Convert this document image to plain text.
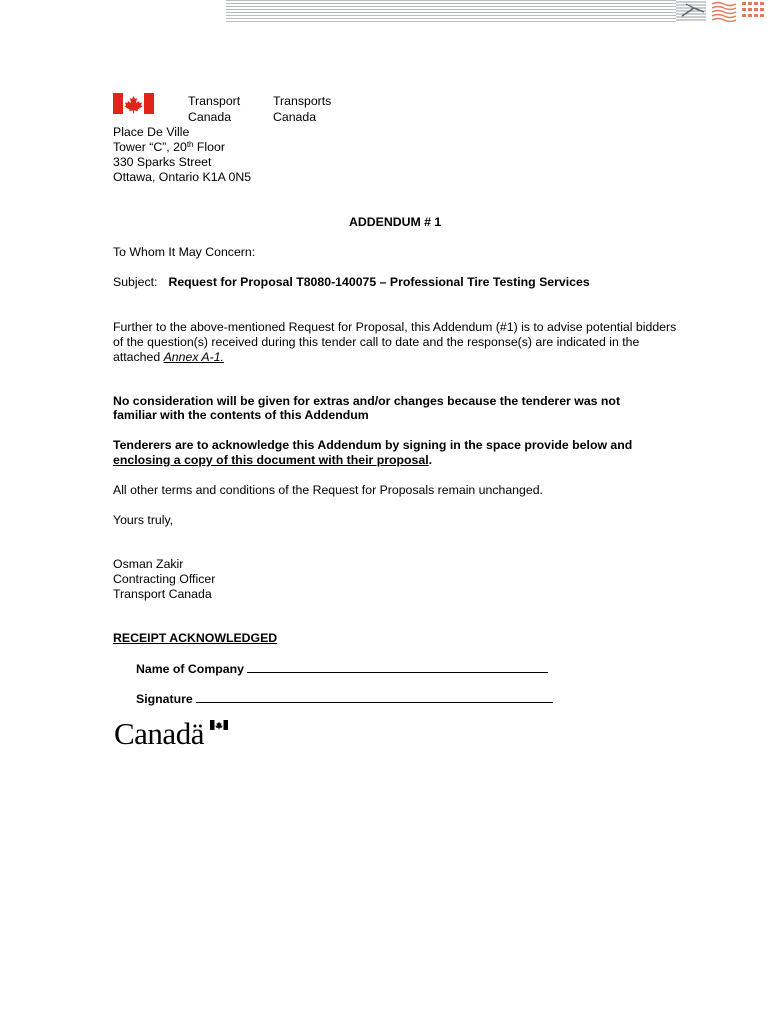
Transport
Canada
Transports
Canada
Place De Ville
Tower “C”, 20th Floor
330 Sparks Street
Ottawa, Ontario K1A 0N5
ADDENDUM # 1
To Whom It May Concern:
Subject: Request for Proposal T8080-140075 – Professional Tire Testing Services
Further to the above-mentioned Request for Proposal, this Addendum (#1) is to advise potential bidders
of the question(s) received during this tender call to date and the response(s) are indicated in the
attached Annex A-1.
No consideration will be given for extras and/or changes because the tenderer was not
familiar with the contents of this Addendum
Tenderers are to acknowledge this Addendum by signing in the space provide below and
enclosing a copy of this document with their proposal.
All other terms and conditions of the Request for Proposals remain unchanged.
Yours truly,
Osman Zakir
Contracting Officer
Transport Canada
RECEIPT ACKNOWLEDGED
Name of Company
Signature
Canadä
